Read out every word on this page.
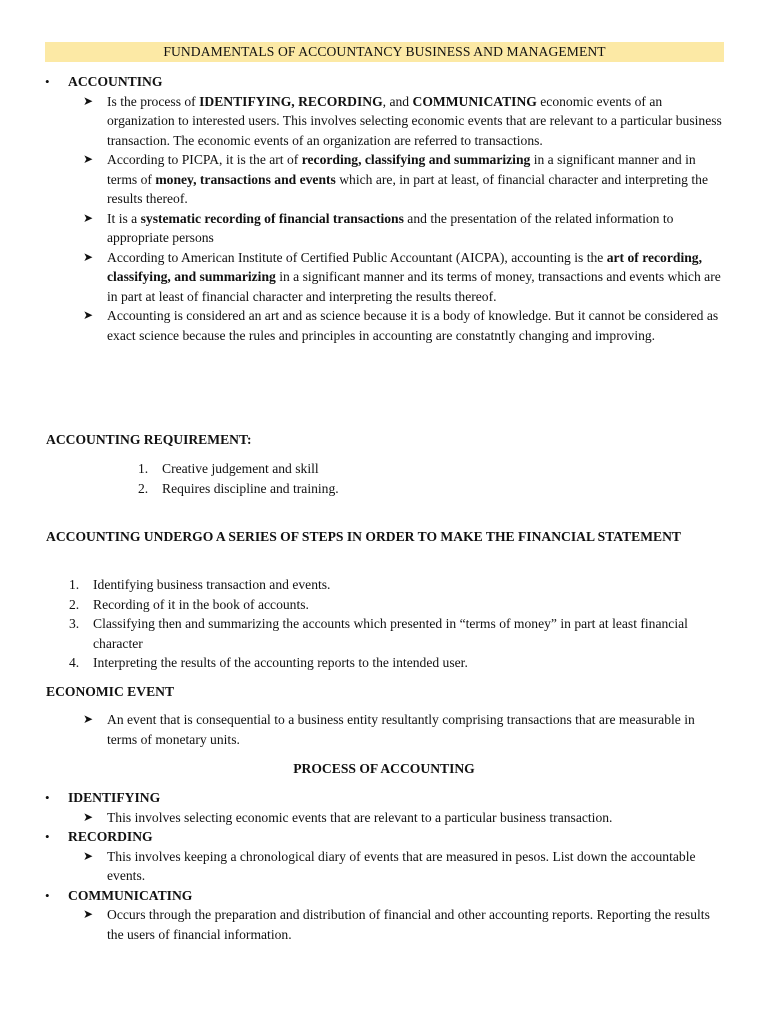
FUNDAMENTALS OF ACCOUNTANCY BUSINESS AND MANAGEMENT
• ACCOUNTING
➤ Is the process of IDENTIFYING, RECORDING, and COMMUNICATING economic events of an organization to interested users. This involves selecting economic events that are relevant to a particular business transaction. The economic events of an organization are referred to transactions.
➤ According to PICPA, it is the art of recording, classifying and summarizing in a significant manner and in terms of money, transactions and events which are, in part at least, of financial character and interpreting the results thereof.
➤ It is a systematic recording of financial transactions and the presentation of the related information to appropriate persons
➤ According to American Institute of Certified Public Accountant (AICPA), accounting is the art of recording, classifying, and summarizing in a significant manner and its terms of money, transactions and events which are in part at least of financial character and interpreting the results thereof.
➤ Accounting is considered an art and as science because it is a body of knowledge. But it cannot be considered as exact science because the rules and principles in accounting are constatntly changing and improving.
ACCOUNTING REQUIREMENT:
1. Creative judgement and skill
2. Requires discipline and training.
ACCOUNTING UNDERGO A SERIES OF STEPS IN ORDER TO MAKE THE FINANCIAL STATEMENT
1. Identifying business transaction and events.
2. Recording of it in the book of accounts.
3. Classifying then and summarizing the accounts which presented in “terms of money” in part at least financial character
4. Interpreting the results of the accounting reports to the intended user.
ECONOMIC EVENT
➤ An event that is consequential to a business entity resultantly comprising transactions that are measurable in terms of monetary units.
PROCESS OF ACCOUNTING
• IDENTIFYING
➤ This involves selecting economic events that are relevant to a particular business transaction.
• RECORDING
➤ This involves keeping a chronological diary of events that are measured in pesos. List down the accountable events.
• COMMUNICATING
➤ Occurs through the preparation and distribution of financial and other accounting reports. Reporting the results the users of financial information.
